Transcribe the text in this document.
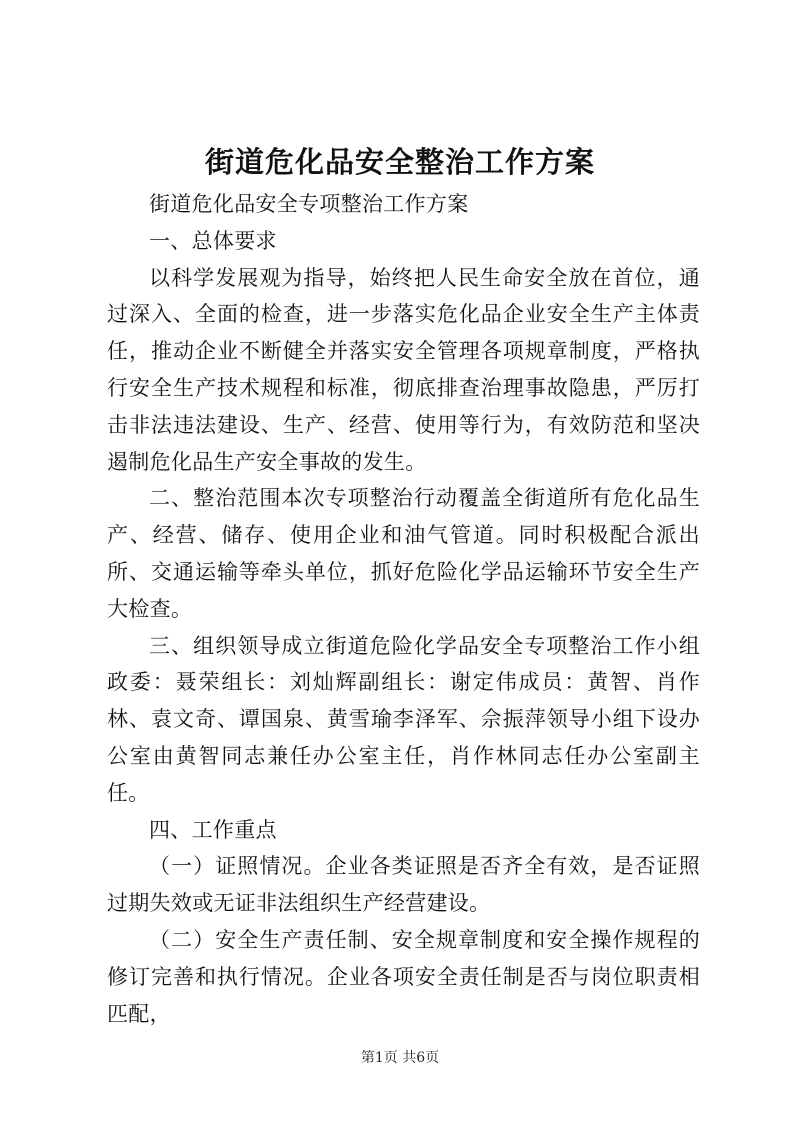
街道危化品安全整治工作方案

街道危化品安全专项整治工作方案

一、总体要求

以科学发展观为指导，始终把人民生命安全放在首位，通过深入、全面的检查，进一步落实危化品企业安全生产主体责任，推动企业不断健全并落实安全管理各项规章制度，严格执行安全生产技术规程和标准，彻底排查治理事故隐患，严厉打击非法违法建设、生产、经营、使用等行为，有效防范和坚决遏制危化品生产安全事故的发生。

二、整治范围本次专项整治行动覆盖全街道所有危化品生产、经营、储存、使用企业和油气管道。同时积极配合派出所、交通运输等牵头单位，抓好危险化学品运输环节安全生产大检查。

三、组织领导成立街道危险化学品安全专项整治工作小组政委：聂荣组长：刘灿辉副组长：谢定伟成员：黄智、肖作林、袁文奇、谭国泉、黄雪瑜李泽军、佘振萍领导小组下设办公室由黄智同志兼任办公室主任，肖作林同志任办公室副主任。

四、工作重点

（一）证照情况。企业各类证照是否齐全有效，是否证照过期失效或无证非法组织生产经营建设。

（二）安全生产责任制、安全规章制度和安全操作规程的修订完善和执行情况。企业各项安全责任制是否与岗位职责相匹配，

第1页 共6页
